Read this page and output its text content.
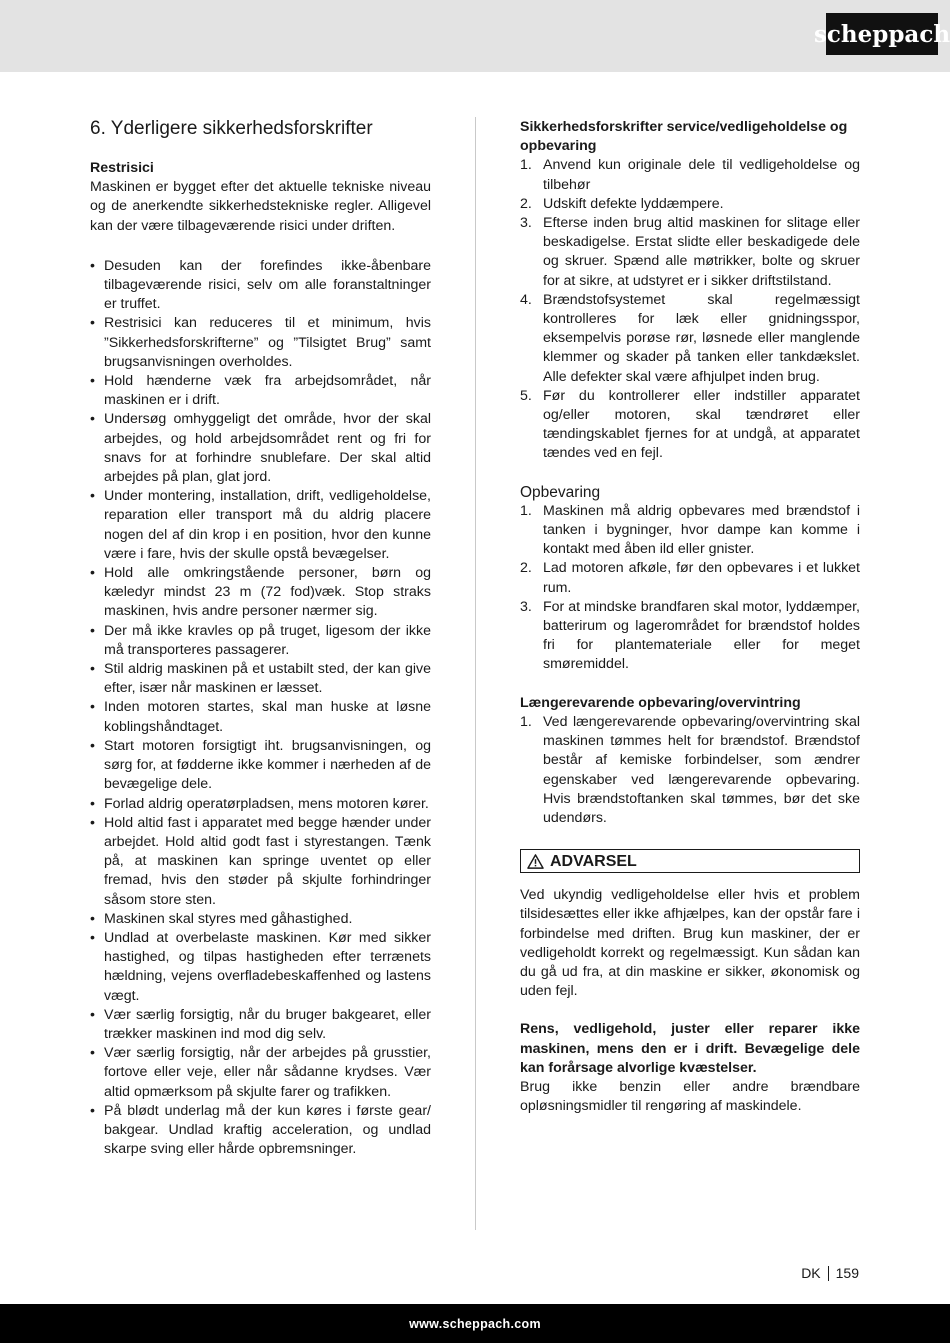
scheppach
6. Yderligere sikkerhedsforskrifter

Restrisici

Maskinen er bygget efter det aktuelle tekniske niveau og de anerkendte sikkerhedstekniske regler. Alligevel kan der være tilbageværende risici under driften.

• Desuden kan der forefindes ikke-åbenbare tilbageværende risici, selv om alle foranstaltninger er truffet.
• Restrisici kan reduceres til et minimum, hvis ”Sikkerhedsforskrifterne” og ”Tilsigtet Brug” samt brugsanvisningen overholdes.
• Hold hænderne væk fra arbejdsområdet, når maskinen er i drift.
• Undersøg omhyggeligt det område, hvor der skal arbejdes, og hold arbejdsområdet rent og fri for snavs for at forhindre snublefare. Der skal altid arbejdes på plan, glat jord.
• Under montering, installation, drift, vedligeholdelse, reparation eller transport må du aldrig placere nogen del af din krop i en position, hvor den kunne være i fare, hvis der skulle opstå bevægelser.
• Hold alle omkringstående personer, børn og kæledyr mindst 23 m (72 fod)væk. Stop straks maskinen, hvis andre personer nærmer sig.
• Der må ikke kravles op på truget, ligesom der ikke må transporteres passagerer.
• Stil aldrig maskinen på et ustabilt sted, der kan give efter, især når maskinen er læsset.
• Inden motoren startes, skal man huske at løsne koblingshåndtaget.
• Start motoren forsigtigt iht. brugsanvisningen, og sørg for, at fødderne ikke kommer i nærheden af de bevægelige dele.
• Forlad aldrig operatørpladsen, mens motoren kører.
• Hold altid fast i apparatet med begge hænder under arbejdet. Hold altid godt fast i styrestangen. Tænk på, at maskinen kan springe uventet op eller fremad, hvis den støder på skjulte forhindringer såsom store sten.
• Maskinen skal styres med gåhastighed.
• Undlad at overbelaste maskinen. Kør med sikker hastighed, og tilpas hastigheden efter terrænets hældning, vejens overfladebeskaffenhed og lastens vægt.
• Vær særlig forsigtig, når du bruger bakgearet, eller trækker maskinen ind mod dig selv.
• Vær særlig forsigtig, når der arbejdes på grusstier, fortove eller veje, eller når sådanne krydses. Vær altid opmærksom på skjulte farer og trafikken.
• På blødt underlag må der kun køres i første gear/ bakgear. Undlad kraftig acceleration, og undlad skarpe sving eller hårde opbremsninger.

Sikkerhedsforskrifter service/vedligeholdelse og opbevaring

1. Anvend kun originale dele til vedligeholdelse og tilbehør
2. Udskift defekte lyddæmpere.
3. Efterse inden brug altid maskinen for slitage eller beskadigelse. Erstat slidte eller beskadigede dele og skruer. Spænd alle møtrikker, bolte og skruer for at sikre, at udstyret er i sikker driftstilstand.
4. Brændstofsystemet skal regelmæssigt kontrolleres for læk eller gnidningsspor, eksempelvis porøse rør, løsnede eller manglende klemmer og skader på tanken eller tankdækslet. Alle defekter skal være afhjulpet inden brug.
5. Før du kontrollerer eller indstiller apparatet og/eller motoren, skal tændrøret eller tændingskablet fjernes for at undgå, at apparatet tændes ved en fejl.

Opbevaring

1. Maskinen må aldrig opbevares med brændstof i tanken i bygninger, hvor dampe kan komme i kontakt med åben ild eller gnister.
2. Lad motoren afkøle, før den opbevares i et lukket rum.
3. For at mindske brandfaren skal motor, lyddæmper, batterirum og lagerområdet for brændstof holdes fri for plantemateriale eller for meget smøremiddel.

Længerevarende opbevaring/overvintring

1. Ved længerevarende opbevaring/overvintring skal maskinen tømmes helt for brændstof. Brændstof består af kemiske forbindelser, som ændrer egenskaber ved længerevarende opbevaring. Hvis brændstoftanken skal tømmes, bør det ske udendørs.
ADVARSEL

Ved ukyndig vedligeholdelse eller hvis et problem tilsidesættes eller ikke afhjælpes, kan der opstår fare i forbindelse med driften. Brug kun maskiner, der er vedligeholdt korrekt og regelmæssigt. Kun sådan kan du gå ud fra, at din maskine er sikker, økonomisk og uden fejl.

Rens, vedligehold, juster eller reparer ikke maskinen, mens den er i drift. Bevægelige dele kan forårsage alvorlige kvæstelser.

Brug ikke benzin eller andre brændbare opløsningsmidler til rengøring af maskindele.

DK 159
www.scheppach.com
